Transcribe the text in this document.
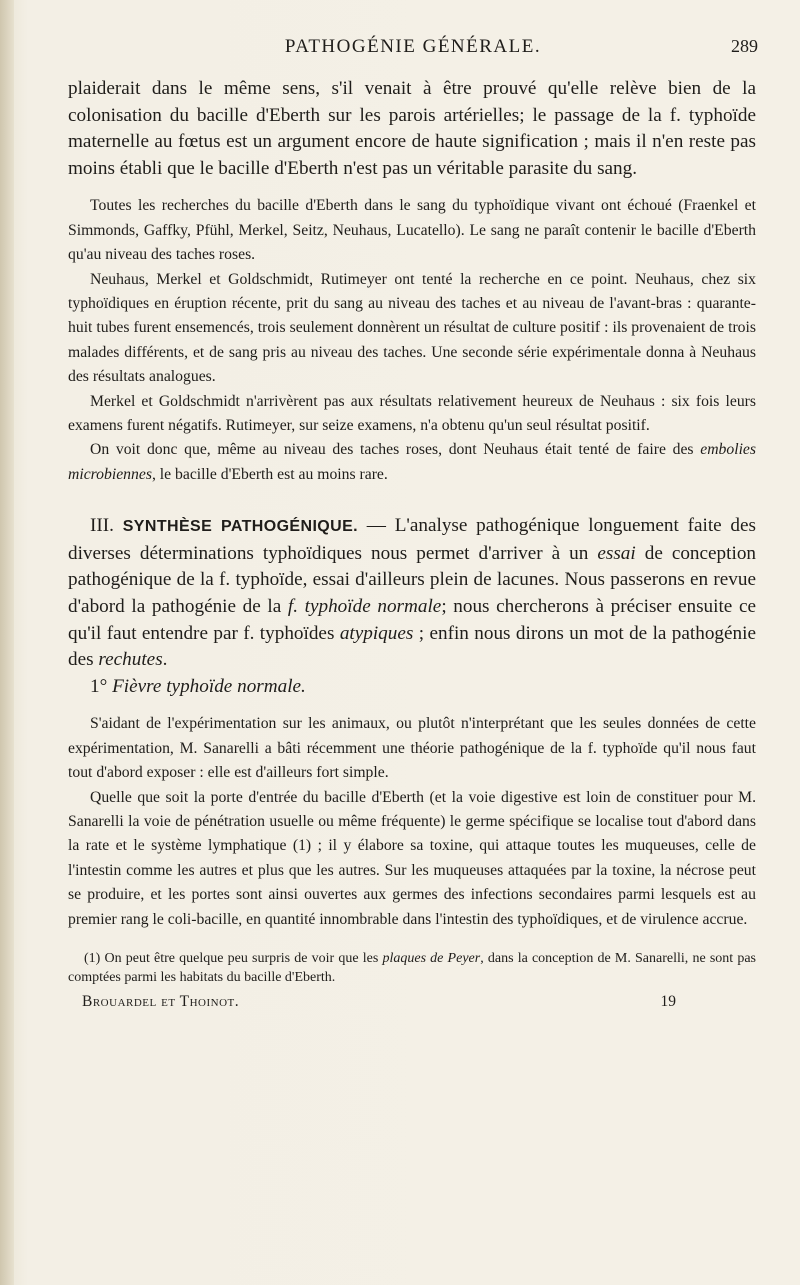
PATHOGÉNIE GÉNÉRALE.	289

plaiderait dans le même sens, s'il venait à être prouvé qu'elle relève bien de la colonisation du bacille d'Eberth sur les parois artérielles; le passage de la f. typhoïde maternelle au fœtus est un argument encore de haute signification ; mais il n'en reste pas moins établi que le bacille d'Eberth n'est pas un véritable parasite du sang.

Toutes les recherches du bacille d'Eberth dans le sang du typhoïdique vivant ont échoué (Fraenkel et Simmonds, Gaffky, Pfühl, Merkel, Seitz, Neuhaus, Lucatello). Le sang ne paraît contenir le bacille d'Eberth qu'au niveau des taches roses.

Neuhaus, Merkel et Goldschmidt, Rutimeyer ont tenté la recherche en ce point. Neuhaus, chez six typhoïdiques en éruption récente, prit du sang au niveau des taches et au niveau de l'avant-bras : quarante-huit tubes furent ensemencés, trois seulement donnèrent un résultat de culture positif : ils provenaient de trois malades différents, et de sang pris au niveau des taches. Une seconde série expérimentale donna à Neuhaus des résultats analogues.

Merkel et Goldschmidt n'arrivèrent pas aux résultats relativement heureux de Neuhaus : six fois leurs examens furent négatifs. Rutimeyer, sur seize examens, n'a obtenu qu'un seul résultat positif.

On voit donc que, même au niveau des taches roses, dont Neuhaus était tenté de faire des embolies microbiennes, le bacille d'Eberth est au moins rare.

III. SYNTHÈSE PATHOGÉNIQUE. — L'analyse pathogénique longuement faite des diverses déterminations typhoïdiques nous permet d'arriver à un essai de conception pathogénique de la f. typhoïde, essai d'ailleurs plein de lacunes. Nous passerons en revue d'abord la pathogénie de la f. typhoïde normale; nous chercherons à préciser ensuite ce qu'il faut entendre par f. typhoïdes atypiques ; enfin nous dirons un mot de la pathogénie des rechutes.

1° Fièvre typhoïde normale.

S'aidant de l'expérimentation sur les animaux, ou plutôt n'interprétant que les seules données de cette expérimentation, M. Sanarelli a bâti récemment une théorie pathogénique de la f. typhoïde qu'il nous faut tout d'abord exposer : elle est d'ailleurs fort simple.

Quelle que soit la porte d'entrée du bacille d'Eberth (et la voie digestive est loin de constituer pour M. Sanarelli la voie de pénétration usuelle ou même fréquente) le germe spécifique se localise tout d'abord dans la rate et le système lymphatique (1) ; il y élabore sa toxine, qui attaque toutes les muqueuses, celle de l'intestin comme les autres et plus que les autres. Sur les muqueuses attaquées par la toxine, la nécrose peut se produire, et les portes sont ainsi ouvertes aux germes des infections secondaires parmi lesquels est au premier rang le coli-bacille, en quantité innombrable dans l'intestin des typhoïdiques, et de virulence accrue.

(1) On peut être quelque peu surpris de voir que les plaques de Peyer, dans la conception de M. Sanarelli, ne sont pas comptées parmi les habitats du bacille d'Eberth.

Brouardel et Thoinot.	19
